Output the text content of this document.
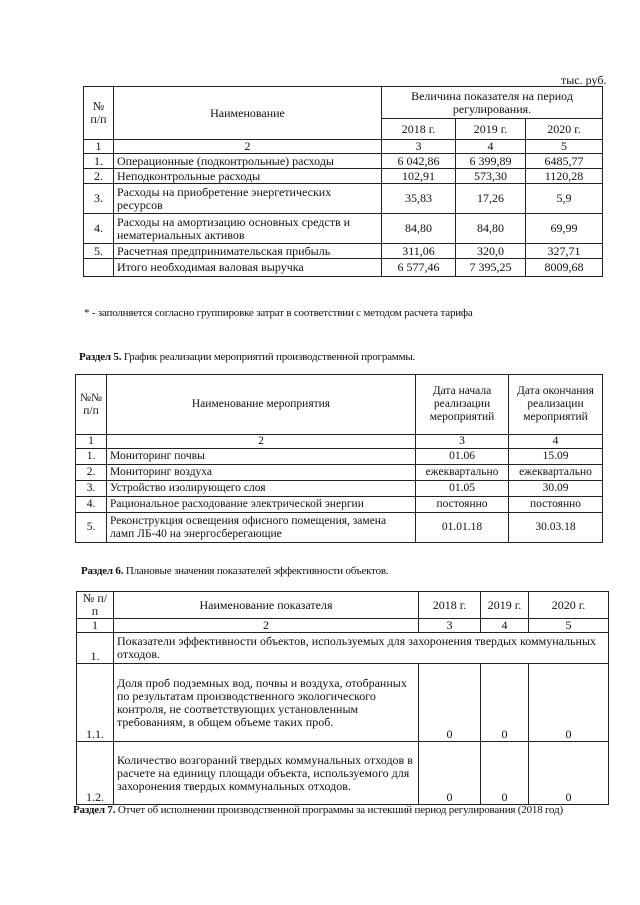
тыс. руб.
№
п/п	Наименование	Величина показателя на период регулирования.		
		2018 г.	2019 г.	2020 г.
1	2	3	4	5
1.	Операционные (подконтрольные) расходы	6 042,86	6 399,89	6485,77
2.	Неподконтрольные расходы	102,91	573,30	1120,28
3.	Расходы на приобретение энергетических ресурсов	35,83	17,26	5,9
4.	Расходы на амортизацию основных средств и нематериальных активов	84,80	84,80	69,99
5.	Расчетная предпринимательская прибыль	311,06	320,0	327,71
	Итого необходимая валовая выручка	6 577,46	7 395,25	8009,68
* - заполняется согласно группировке затрат в соответствии с методом расчета тарифа
Раздел 5. График реализации мероприятий производственной программы.
№№
п/п	Наименование мероприятия	Дата начала реализации мероприятий	Дата окончания реализации мероприятий
1	2	3	4
1.	Мониторинг почвы	01.06	15.09
2.	Мониторинг воздуха	ежеквартально	ежеквартально
3.	Устройство изолирующего слоя	01.05	30.09
4.	Рациональное расходование электрической энергии	постоянно	постоянно
5.	Реконструкция освещения офисного помещения, замена ламп ЛБ-40 на энергосберегающие	01.01.18	30.03.18
Раздел 6. Плановые значения показателей эффективности объектов.
№ п/п	Наименование показателя	2018 г.	2019 г.	2020 г.
1	2	3	4	5
1.	Показатели эффективности объектов, используемых для захоронения твердых коммунальных отходов.			
1.1.	Доля проб подземных вод, почвы и воздуха, отобранных по результатам производственного экологического контроля, не соответствующих установленным требованиям, в общем объеме таких проб.	0	0	0
1.2.	Количество возгораний твердых коммунальных отходов в расчете на единицу площади объекта, используемого для захоронения твердых коммунальных отходов.	0	0	0
Раздел 7. Отчет об исполнении производственной программы за истекший период регулирования (2018 год)
